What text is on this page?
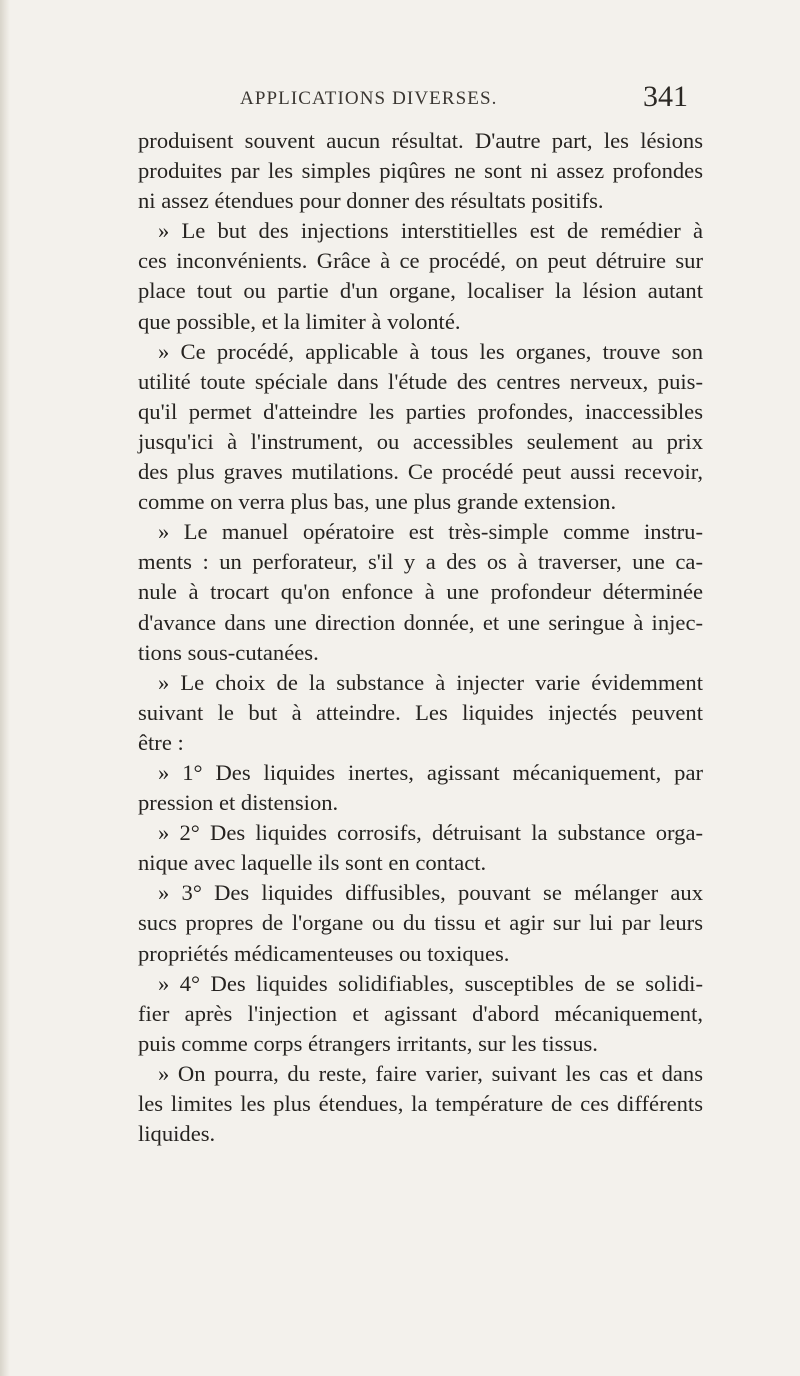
APPLICATIONS DIVERSES.	341
produisent souvent aucun résultat. D'autre part, les lésions
produites par les simples piqûres ne sont ni assez profondes
ni assez étendues pour donner des résultats positifs.
» Le but des injections interstitielles est de remédier à
ces inconvénients. Grâce à ce procédé, on peut détruire sur
place tout ou partie d'un organe, localiser la lésion autant
que possible, et la limiter à volonté.
» Ce procédé, applicable à tous les organes, trouve son
utilité toute spéciale dans l'étude des centres nerveux, puis-
qu'il permet d'atteindre les parties profondes, inaccessibles
jusqu'ici à l'instrument, ou accessibles seulement au prix
des plus graves mutilations. Ce procédé peut aussi recevoir,
comme on verra plus bas, une plus grande extension.
» Le manuel opératoire est très-simple comme instru-
ments : un perforateur, s'il y a des os à traverser, une ca-
nule à trocart qu'on enfonce à une profondeur déterminée
d'avance dans une direction donnée, et une seringue à injec-
tions sous-cutanées.
» Le choix de la substance à injecter varie évidemment
suivant le but à atteindre. Les liquides injectés peuvent
être :
» 1° Des liquides inertes, agissant mécaniquement, par
pression et distension.
» 2° Des liquides corrosifs, détruisant la substance orga-
nique avec laquelle ils sont en contact.
» 3° Des liquides diffusibles, pouvant se mélanger aux
sucs propres de l'organe ou du tissu et agir sur lui par leurs
propriétés médicamenteuses ou toxiques.
» 4° Des liquides solidifiables, susceptibles de se solidi-
fier après l'injection et agissant d'abord mécaniquement,
puis comme corps étrangers irritants, sur les tissus.
» On pourra, du reste, faire varier, suivant les cas et dans
les limites les plus étendues, la température de ces différents
liquides.
